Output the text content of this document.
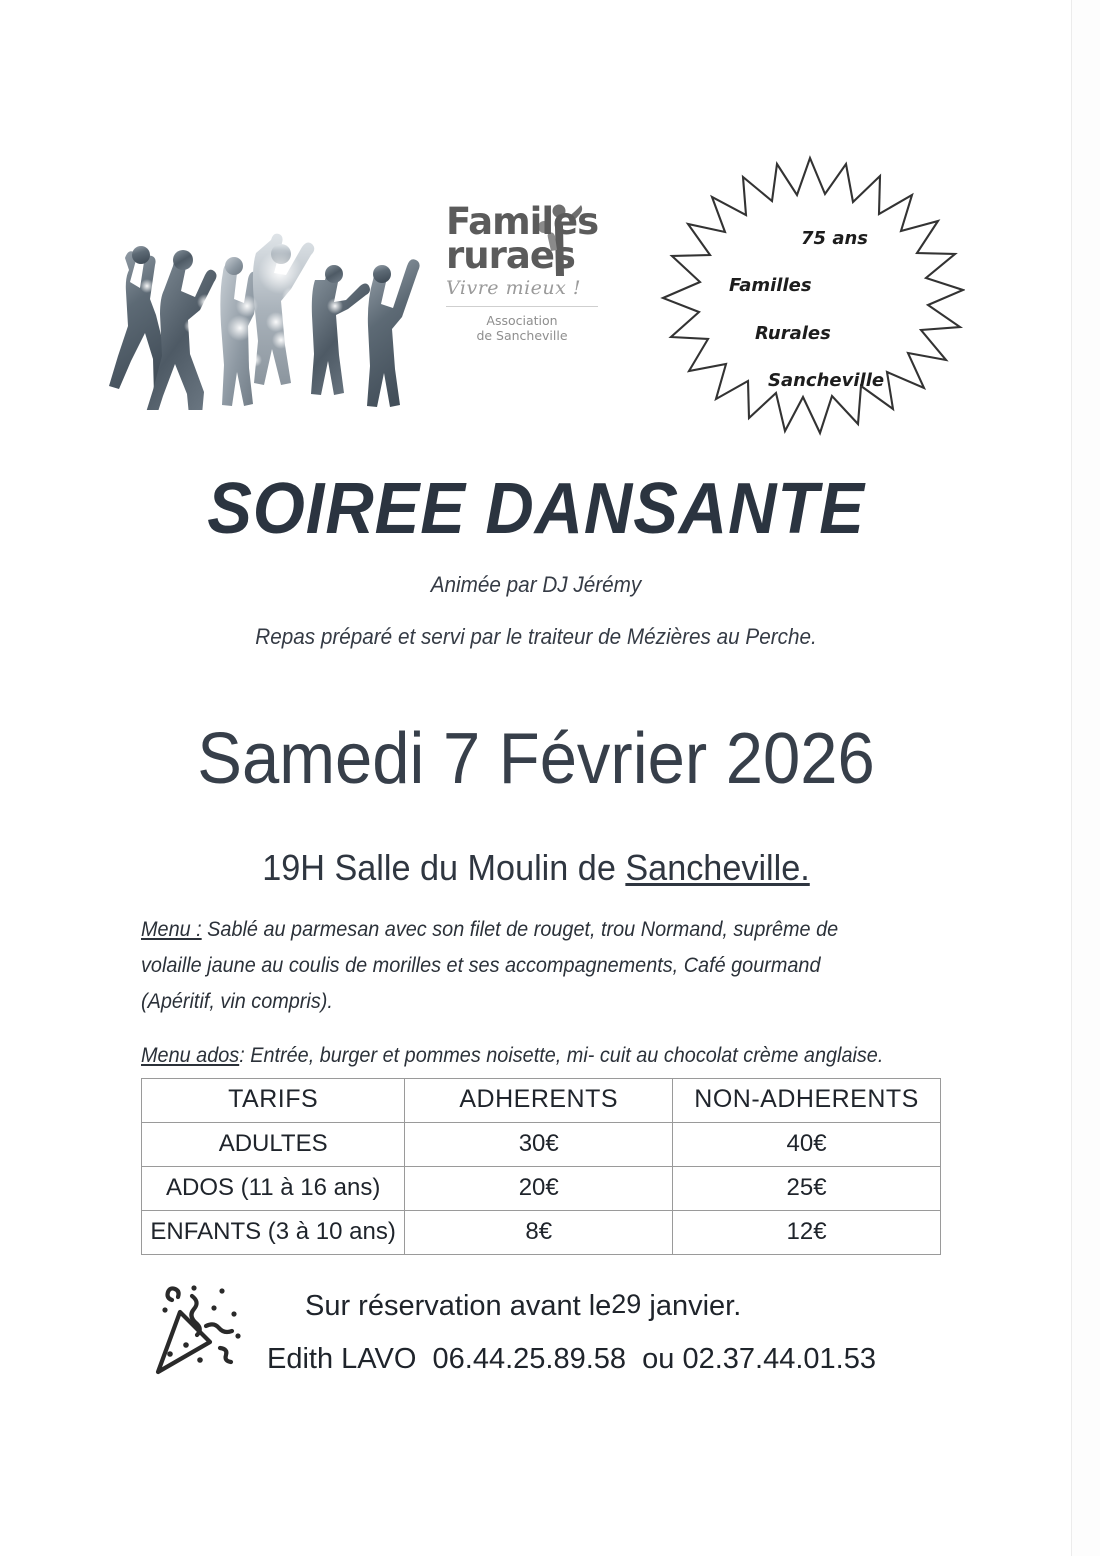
Familes
ruraes
Vivre mieux !
Association
de Sancheville
75 ans
Familles
Rurales
Sancheville
SOIREE DANSANTE
Animée par DJ Jérémy
Repas préparé et servi par le traiteur de Mézières au Perche.
Samedi 7 Février 2026
19H Salle du Moulin de Sancheville.

Menu : Sablé au parmesan avec son filet de rouget, trou Normand, suprême de volaille jaune au coulis de morilles et ses accompagnements, Café gourmand (Apéritif, vin compris).

Menu ados: Entrée, burger et pommes noisette, mi- cuit au chocolat crème anglaise.

TARIFS	ADHERENTS	NON-ADHERENTS
ADULTES	30€	40€
ADOS (11 à 16 ans)	20€	25€
ENFANTS (3 à 10 ans)	8€	12€
Sur réservation avant le29 janvier.
Edith LAVO 06.44.25.89.58 ou 02.37.44.01.53
